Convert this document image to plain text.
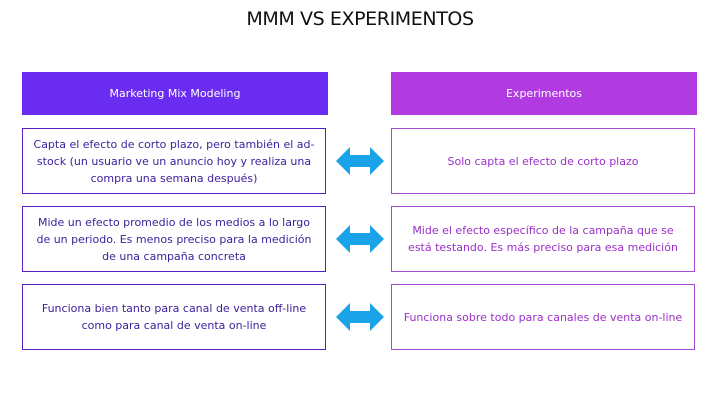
MMM VS EXPERIMENTOS
Marketing Mix Modeling	Experimentos
Capta el efecto de corto plazo, pero también el ad-stock (un usuario ve un anuncio hoy y realiza una compra una semana después)
Solo capta el efecto de corto plazo
Mide un efecto promedio de los medios a lo largo de un periodo. Es menos preciso para la medición de una campaña concreta
Mide el efecto específico de la campaña que se está testando. Es más preciso para esa medición
Funciona bien tanto para canal de venta off-line como para canal de venta on-line
Funciona sobre todo para canales de venta on-line
